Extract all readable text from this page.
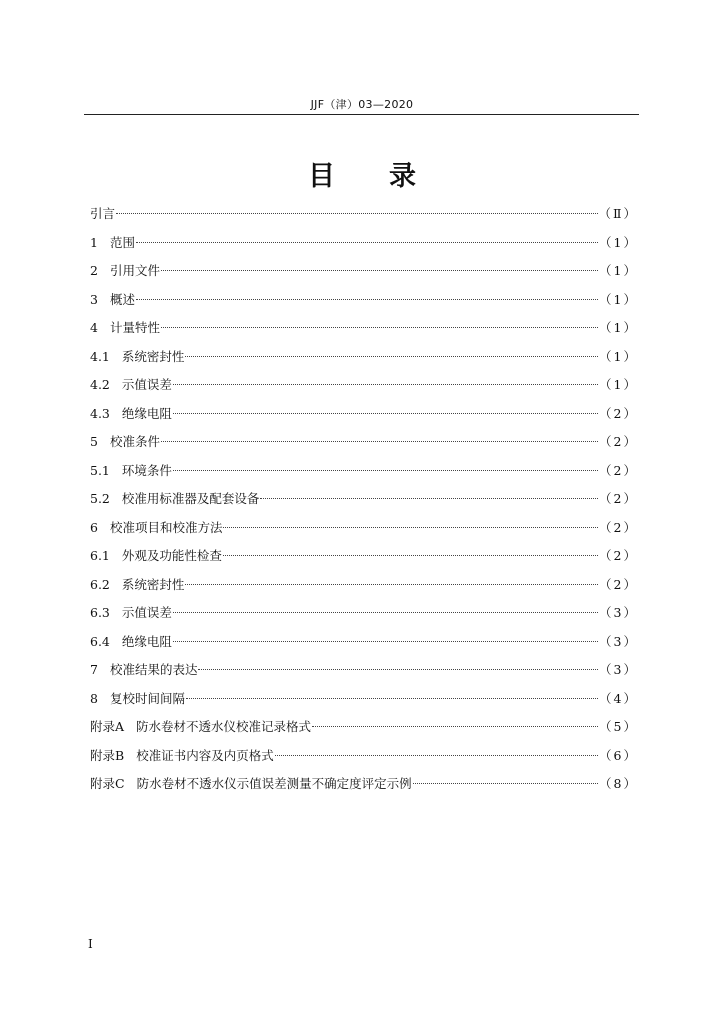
JJF（津）03—2020
目 录
引言	（Ⅱ）
1 范围	（1）
2 引用文件	（1）
3 概述	（1）
4 计量特性	（1）
4.1 系统密封性	（1）
4.2 示值误差	（1）
4.3 绝缘电阻	（2）
5 校准条件	（2）
5.1 环境条件	（2）
5.2 校准用标准器及配套设备	（2）
6 校准项目和校准方法	（2）
6.1 外观及功能性检查	（2）
6.2 系统密封性	（2）
6.3 示值误差	（3）
6.4 绝缘电阻	（3）
7 校准结果的表达	（3）
8 复校时间间隔	（4）
附录A 防水卷材不透水仪校准记录格式	（5）
附录B 校准证书内容及内页格式	（6）
附录C 防水卷材不透水仪示值误差测量不确定度评定示例	（8）
I
